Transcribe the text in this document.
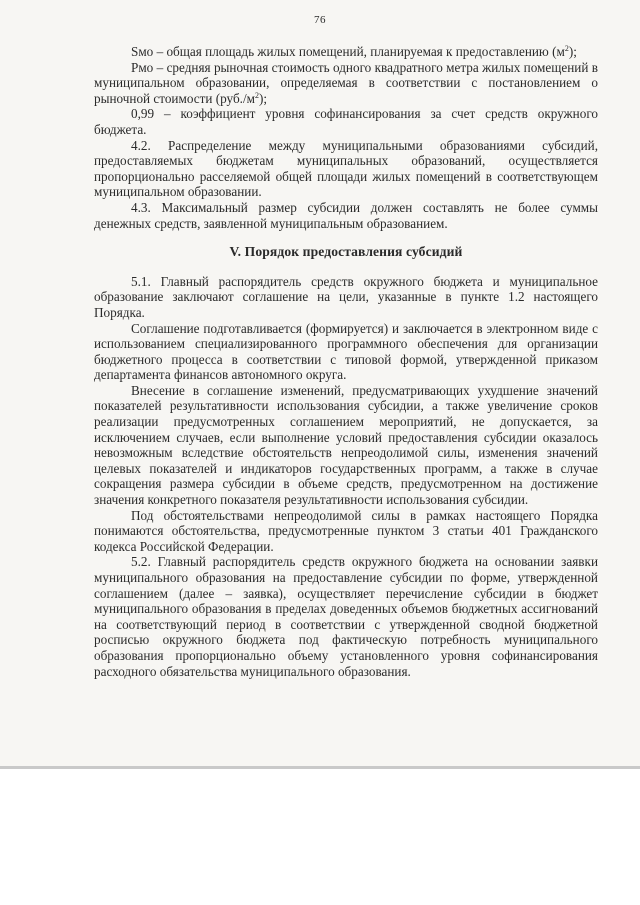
76

Sмо – общая площадь жилых помещений, планируемая к предоставлению $(м^2)$;

Рмо – средняя рыночная стоимость одного квадратного метра жилых помещений в муниципальном образовании, определяемая в соответствии с постановлением о рыночной стоимости $(руб./м^2)$;

0,99 – коэффициент уровня софинансирования за счет средств окружного бюджета.

4.2. Распределение между муниципальными образованиями субсидий, предоставляемых бюджетам муниципальных образований, осуществляется пропорционально расселяемой общей площади жилых помещений в соответствующем муниципальном образовании.

4.3. Максимальный размер субсидии должен составлять не более суммы денежных средств, заявленной муниципальным образованием.

V. Порядок предоставления субсидий

5.1. Главный распорядитель средств окружного бюджета и муниципальное образование заключают соглашение на цели, указанные в пункте 1.2 настоящего Порядка.

Соглашение подготавливается (формируется) и заключается в электронном виде с использованием специализированного программного обеспечения для организации бюджетного процесса в соответствии с типовой формой, утвержденной приказом департамента финансов автономного округа.

Внесение в соглашение изменений, предусматривающих ухудшение значений показателей результативности использования субсидии, а также увеличение сроков реализации предусмотренных соглашением мероприятий, не допускается, за исключением случаев, если выполнение условий предоставления субсидии оказалось невозможным вследствие обстоятельств непреодолимой силы, изменения значений целевых показателей и индикаторов государственных программ, а также в случае сокращения размера субсидии в объеме средств, предусмотренном на достижение значения конкретного показателя результативности использования субсидии.

Под обстоятельствами непреодолимой силы в рамках настоящего Порядка понимаются обстоятельства, предусмотренные пунктом 3 статьи 401 Гражданского кодекса Российской Федерации.

5.2. Главный распорядитель средств окружного бюджета на основании заявки муниципального образования на предоставление субсидии по форме, утвержденной соглашением (далее – заявка), осуществляет перечисление субсидии в бюджет муниципального образования в пределах доведенных объемов бюджетных ассигнований на соответствующий период в соответствии с утвержденной сводной бюджетной росписью окружного бюджета под фактическую потребность муниципального образования пропорционально объему установленного уровня софинансирования расходного обязательства муниципального образования.
